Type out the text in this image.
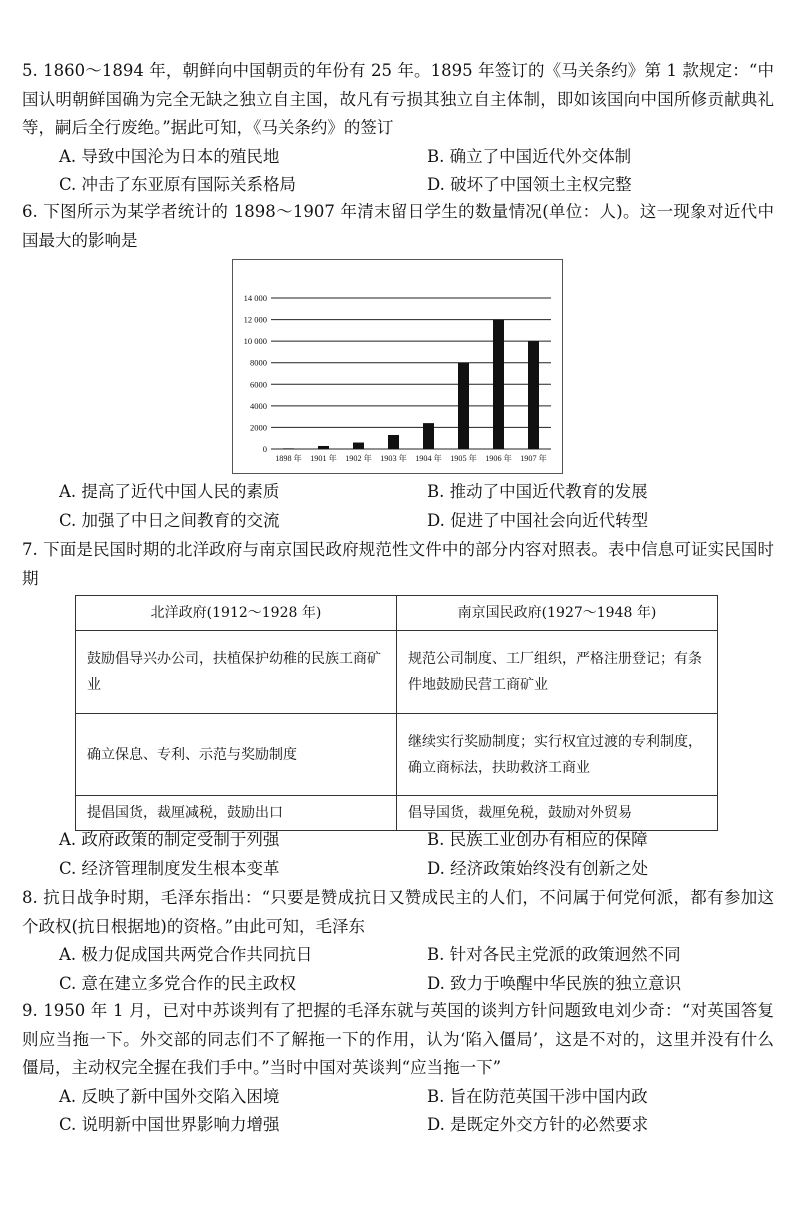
5. 1860～1894 年，朝鲜向中国朝贡的年份有 25 年。1895 年签订的《马关条约》第 1 款规定：“中国认明朝鲜国确为完全无缺之独立自主国，故凡有亏损其独立自主体制，即如该国向中国所修贡献典礼等，嗣后全行废绝。”据此可知，《马关条约》的签订
A. 导致中国沦为日本的殖民地	B. 确立了中国近代外交体制
C. 冲击了东亚原有国际关系格局	D. 破坏了中国领土主权完整
6. 下图所示为某学者统计的 1898～1907 年清末留日学生的数量情况(单位：人)。这一现象对近代中国最大的影响是
0
2000
4000
6000
8000
10 000
12 000
14 000
1898 年 1901 年 1902 年 1903 年 1904 年 1905 年 1906 年 1907 年
A. 提高了近代中国人民的素质	B. 推动了中国近代教育的发展
C. 加强了中日之间教育的交流	D. 促进了中国社会向近代转型
7. 下面是民国时期的北洋政府与南京国民政府规范性文件中的部分内容对照表。表中信息可证实民国时期
北洋政府(1912～1928 年)	南京国民政府(1927～1948 年)
鼓励倡导兴办公司，扶植保护幼稚的民族工商矿业	规范公司制度、工厂组织，严格注册登记；有条件地鼓励民营工商矿业
确立保息、专利、示范与奖励制度	继续实行奖励制度；实行权宜过渡的专利制度，确立商标法，扶助救济工商业
提倡国货，裁厘减税，鼓励出口	倡导国货，裁厘免税，鼓励对外贸易
A. 政府政策的制定受制于列强	B. 民族工业创办有相应的保障
C. 经济管理制度发生根本变革	D. 经济政策始终没有创新之处
8. 抗日战争时期，毛泽东指出：“只要是赞成抗日又赞成民主的人们，不问属于何党何派，都有参加这个政权(抗日根据地)的资格。”由此可知，毛泽东
A. 极力促成国共两党合作共同抗日	B. 针对各民主党派的政策迥然不同
C. 意在建立多党合作的民主政权	D. 致力于唤醒中华民族的独立意识
9. 1950 年 1 月，已对中苏谈判有了把握的毛泽东就与英国的谈判方针问题致电刘少奇：“对英国答复则应当拖一下。外交部的同志们不了解拖一下的作用，认为‘陷入僵局’，这是不对的，这里并没有什么僵局，主动权完全握在我们手中。”当时中国对英谈判“应当拖一下”
A. 反映了新中国外交陷入困境	B. 旨在防范英国干涉中国内政
C. 说明新中国世界影响力增强	D. 是既定外交方针的必然要求
